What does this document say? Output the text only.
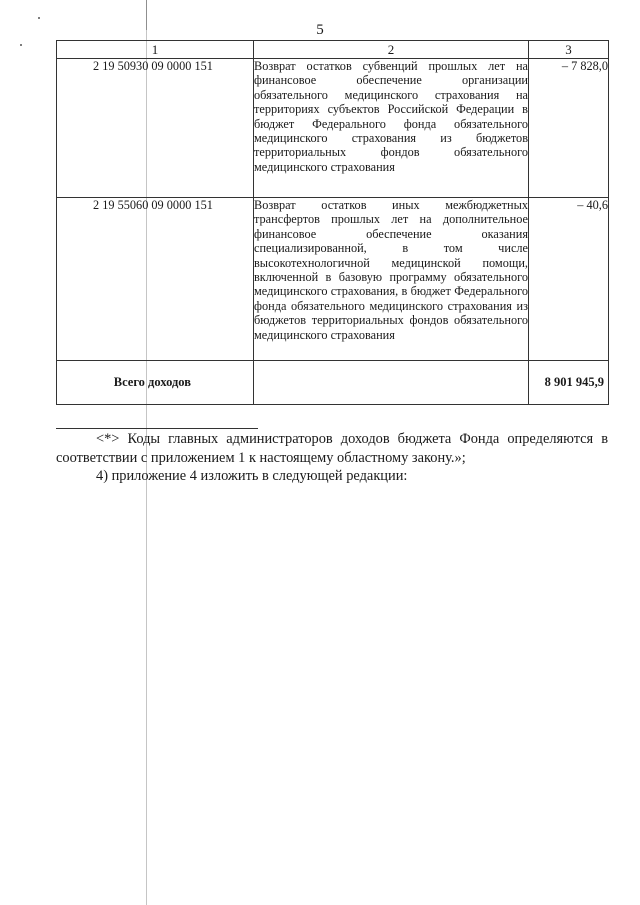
5
1	2	3
2 19 50930 09 0000 151	Возврат остатков субвенций прошлых лет на финансовое обеспечение организации обязательного медицинского страхования на территориях субъектов Российской Федерации в бюджет Федерального фонда обязательного медицинского страхования из бюджетов территориальных фондов обязательного медицинского страхования	– 7 828,0
2 19 55060 09 0000 151	Возврат остатков иных межбюджетных трансфертов прошлых лет на дополнительное финансовое обеспечение оказания специализированной, в том числе высокотехнологичной медицинской помощи, включенной в базовую программу обязательного медицинского страхования, в бюджет Федерального фонда обязательного медицинского страхования из бюджетов территориальных фондов обязательного медицинского страхования	– 40,6
Всего доходов		8 901 945,9
<*> Коды главных администраторов доходов бюджета Фонда определяются в соответствии с приложением 1 к настоящему областному закону.»;
4) приложение 4 изложить в следующей редакции:
